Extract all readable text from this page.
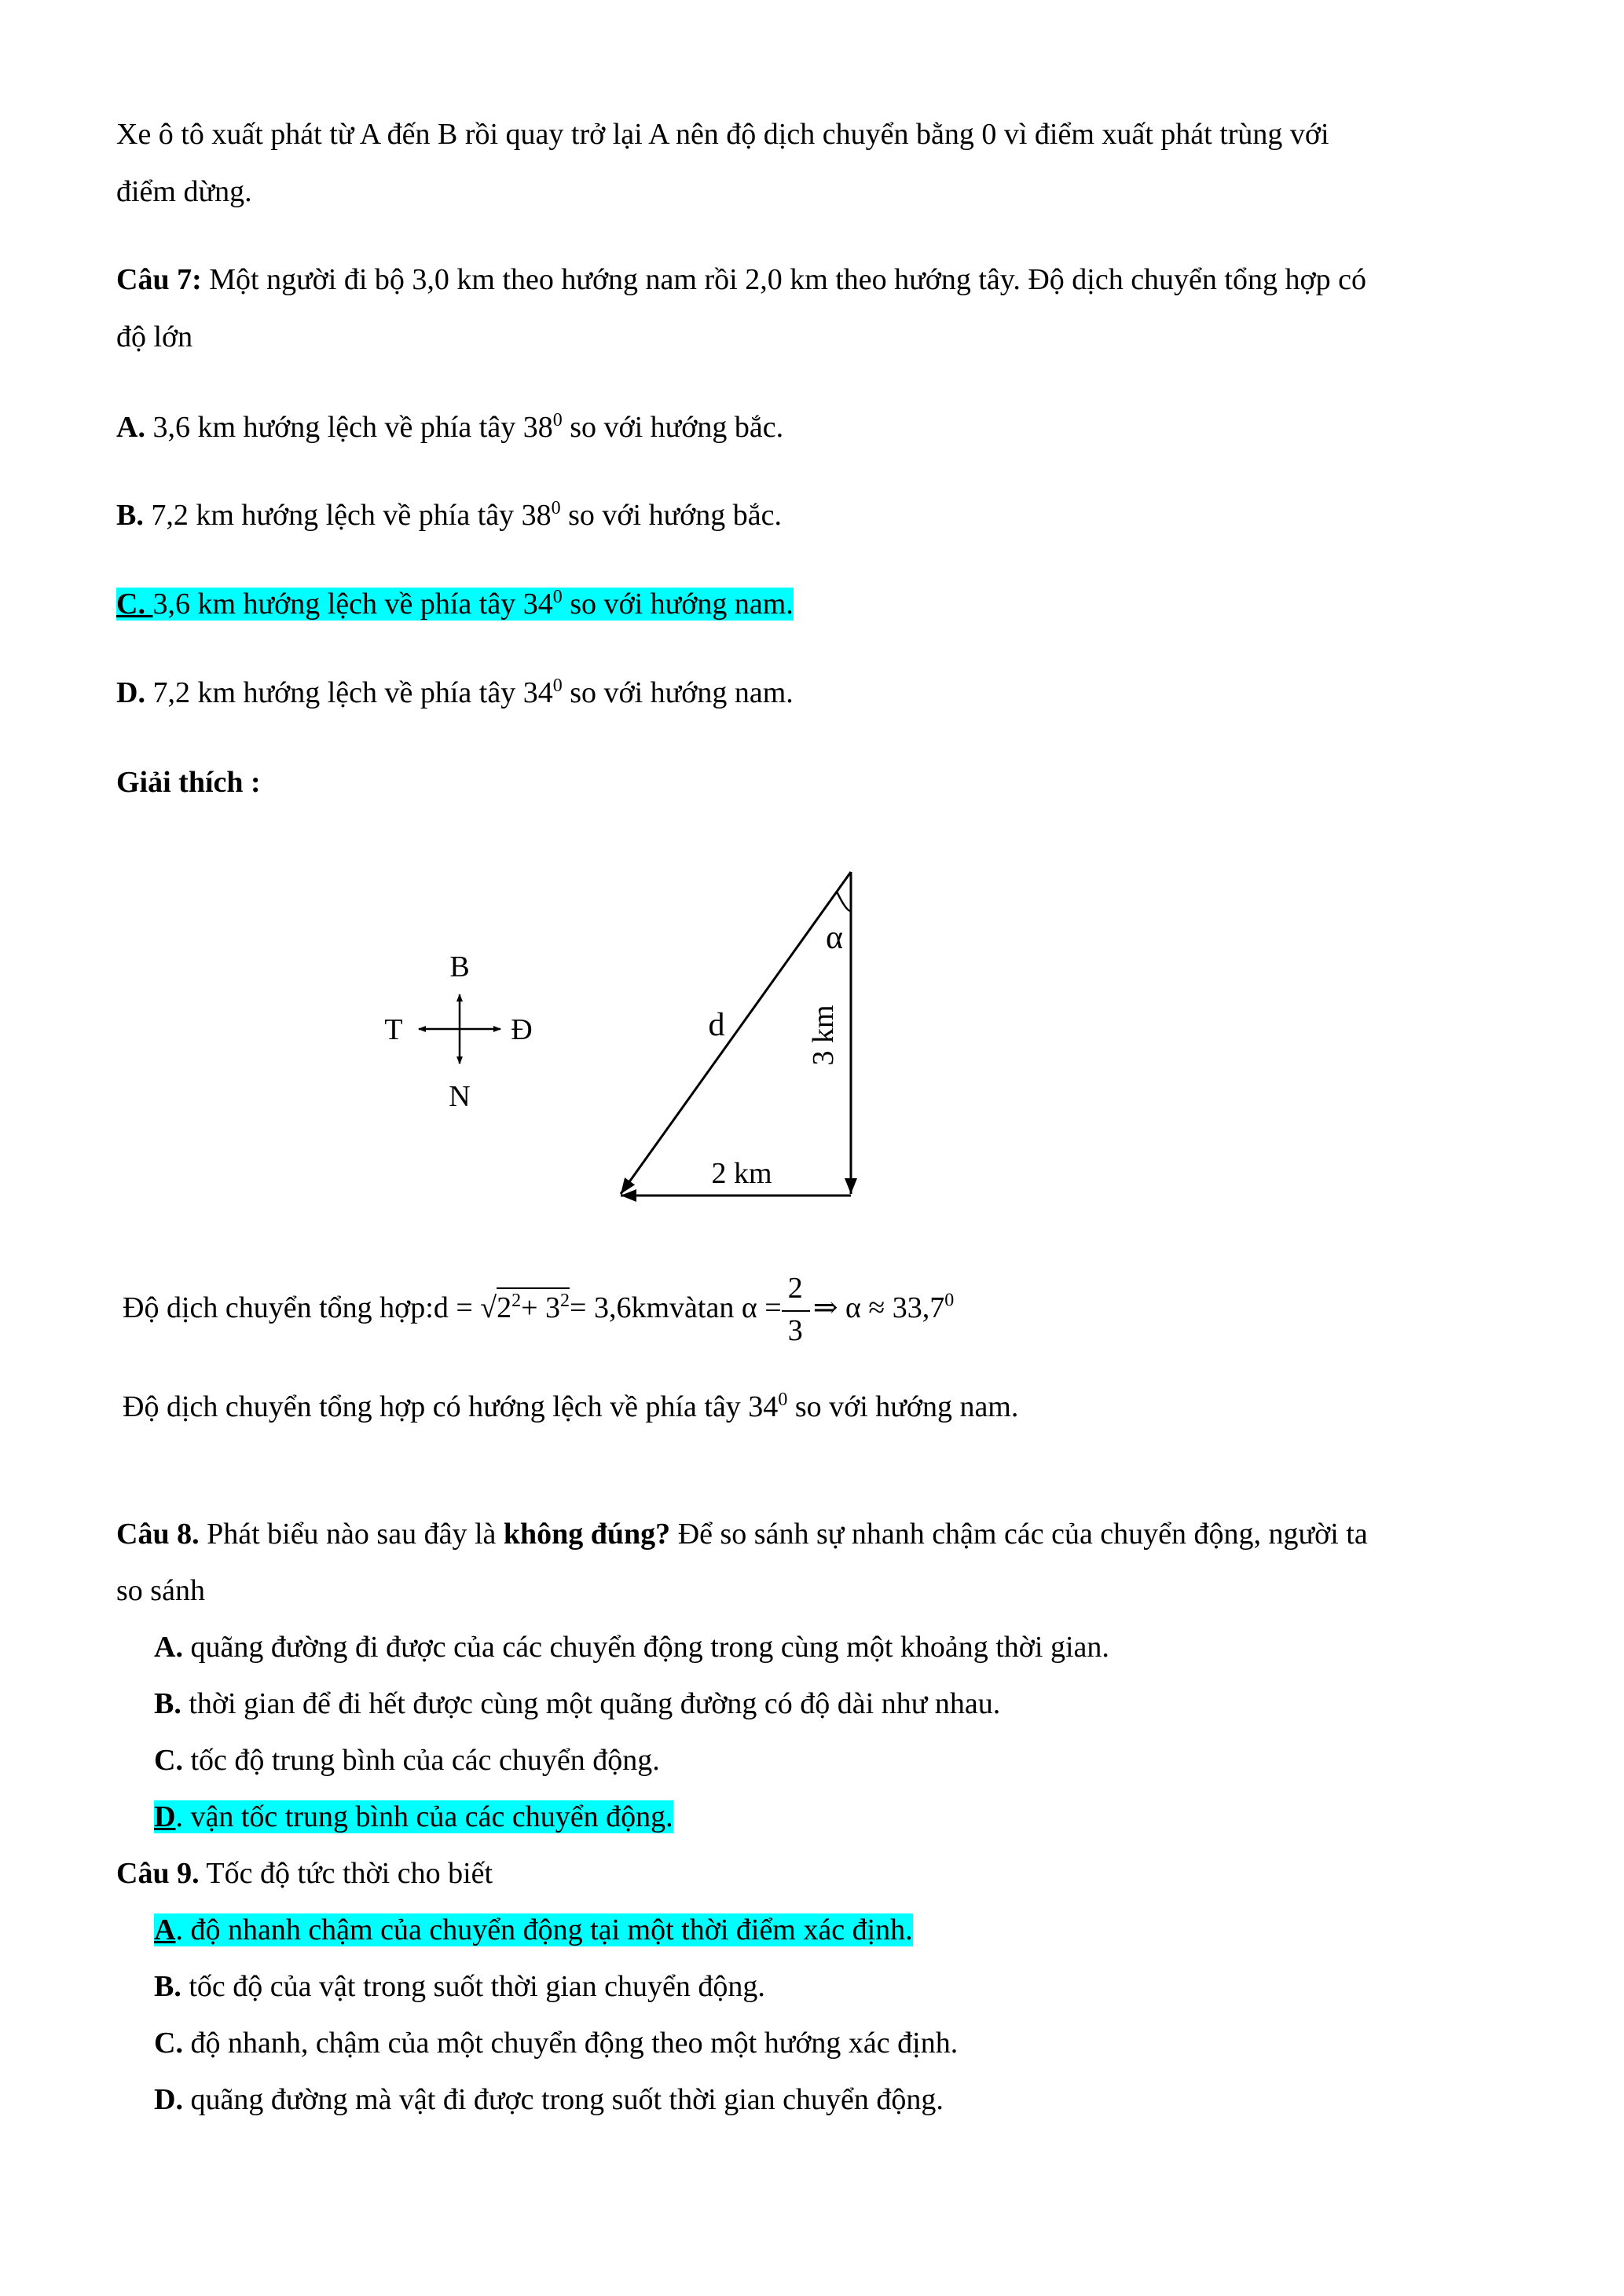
Xe ô tô xuất phát từ A đến B rồi quay trở lại A nên độ dịch chuyển bằng 0 vì điểm xuất phát trùng với

điểm dừng.

Câu 7: Một người đi bộ 3,0 km theo hướng nam rồi 2,0 km theo hướng tây. Độ dịch chuyển tổng hợp có

độ lớn

A. 3,6 km hướng lệch về phía tây $38^0$ so với hướng bắc.

B. 7,2 km hướng lệch về phía tây $38^0$ so với hướng bắc.

C. 3,6 km hướng lệch về phía tây $34^0$ so với hướng nam.

D. 7,2 km hướng lệch về phía tây $34^0$ so với hướng nam.

Giải thích :

B
N
T	Đ
α
d	3 km
2 km
Độ dịch chuyển tổng hợp:d = $√2^2+ 3^2=$ 3,6kmvàtan $\alpha = \frac{2}{3}$ ⇒ $\alpha \approx 33,7^0$

Độ dịch chuyển tổng hợp có hướng lệch về phía tây $34^0$ so với hướng nam.

Câu 8. Phát biểu nào sau đây là không đúng? Để so sánh sự nhanh chậm các của chuyển động, người ta

so sánh

A. quãng đường đi được của các chuyển động trong cùng một khoảng thời gian.

B. thời gian để đi hết được cùng một quãng đường có độ dài như nhau.

C. tốc độ trung bình của các chuyển động.

D. vận tốc trung bình của các chuyển động.

Câu 9. Tốc độ tức thời cho biết

A. độ nhanh chậm của chuyển động tại một thời điểm xác định.

B. tốc độ của vật trong suốt thời gian chuyển động.

C. độ nhanh, chậm của một chuyển động theo một hướng xác định.

D. quãng đường mà vật đi được trong suốt thời gian chuyển động.
